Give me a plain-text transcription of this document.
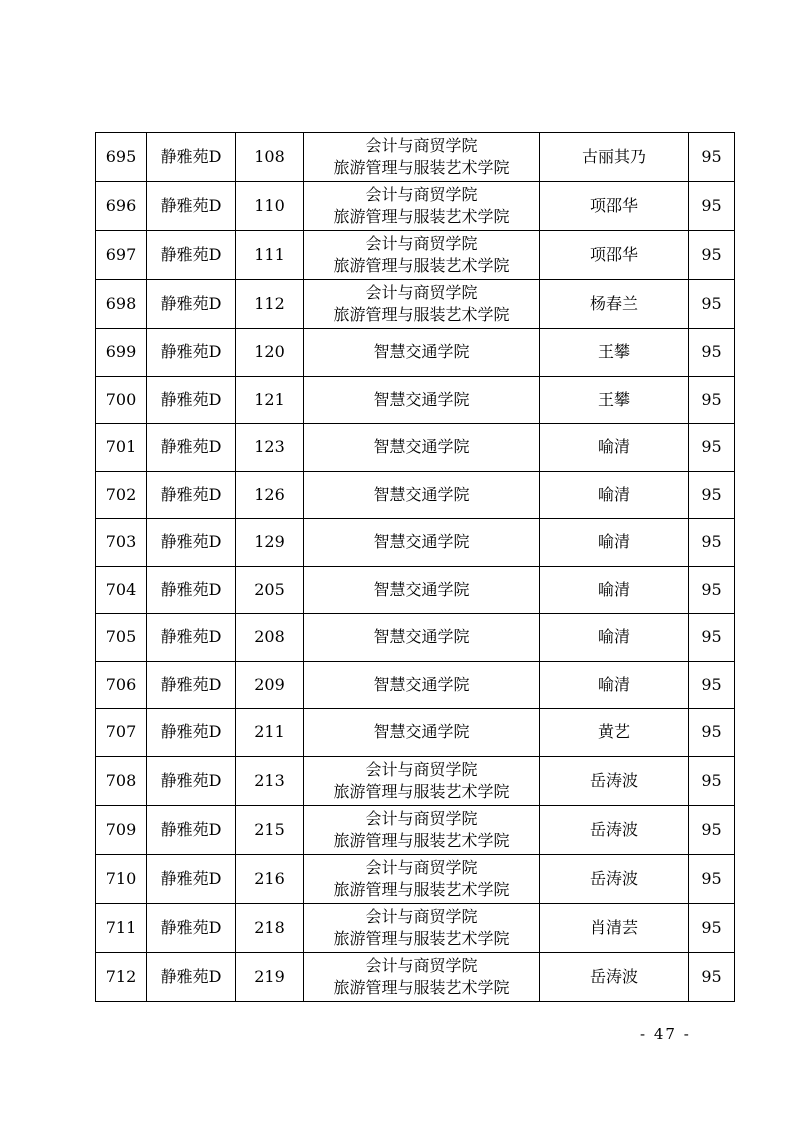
695	静雅苑D	108	会计与商贸学院
旅游管理与服装艺术学院	古丽其乃	95
696	静雅苑D	110	会计与商贸学院
旅游管理与服装艺术学院	项邵华	95
697	静雅苑D	111	会计与商贸学院
旅游管理与服装艺术学院	项邵华	95
698	静雅苑D	112	会计与商贸学院
旅游管理与服装艺术学院	杨春兰	95
699	静雅苑D	120	智慧交通学院	王攀	95
700	静雅苑D	121	智慧交通学院	王攀	95
701	静雅苑D	123	智慧交通学院	喻清	95
702	静雅苑D	126	智慧交通学院	喻清	95
703	静雅苑D	129	智慧交通学院	喻清	95
704	静雅苑D	205	智慧交通学院	喻清	95
705	静雅苑D	208	智慧交通学院	喻清	95
706	静雅苑D	209	智慧交通学院	喻清	95
707	静雅苑D	211	智慧交通学院	黄艺	95
708	静雅苑D	213	会计与商贸学院
旅游管理与服装艺术学院	岳涛波	95
709	静雅苑D	215	会计与商贸学院
旅游管理与服装艺术学院	岳涛波	95
710	静雅苑D	216	会计与商贸学院
旅游管理与服装艺术学院	岳涛波	95
711	静雅苑D	218	会计与商贸学院
旅游管理与服装艺术学院	肖清芸	95
712	静雅苑D	219	会计与商贸学院
旅游管理与服装艺术学院	岳涛波	95
- 47 -
